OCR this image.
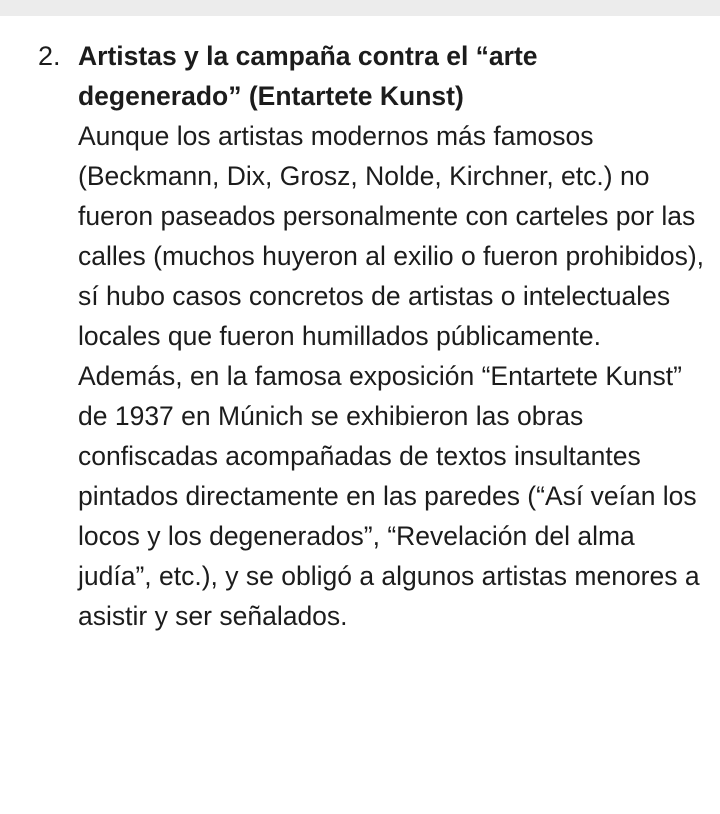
2. Artistas y la campaña contra el “arte degenerado” (Entartete Kunst)
Aunque los artistas modernos más famosos (Beckmann, Dix, Grosz, Nolde, Kirchner, etc.) no fueron paseados personalmente con carteles por las calles (muchos huyeron al exilio o fueron prohibidos), sí hubo casos concretos de artistas o intelectuales locales que fueron humillados públicamente.
Además, en la famosa exposición “Entartete Kunst” de 1937 en Múnich se exhibieron las obras confiscadas acompañadas de textos insultantes pintados directamente en las paredes (“Así veían los locos y los degenerados”, “Revelación del alma judía”, etc.), y se obligó a algunos artistas menores a asistir y ser señalados.
